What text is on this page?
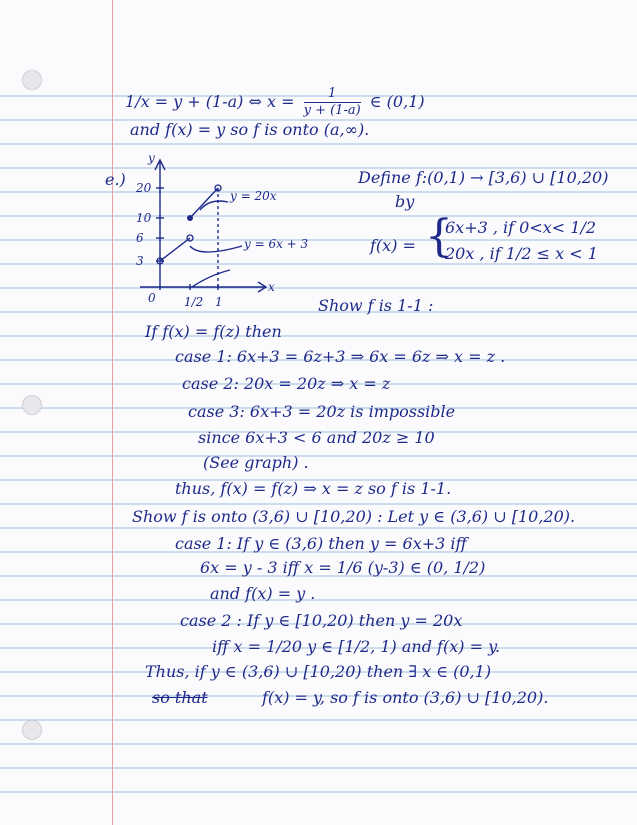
1/x = y + (1-a) ⇔ $x = \frac{1}{y + (1-a)}$ ∈ (0,1)
and f(x) = y so f is onto (a,∞).
e.)
y
x
20
10
6
3
0 1/2 1
y = 20x
y = 6x + 3
Define f:(0,1) → [3,6) ∪ [10,20)
by
f(x) = {
6x+3 , if 0<x< 1/2
20x , if 1/2 ≤ x < 1
Show f is 1-1 :
If f(x) = f(z) then
case 1: 6x+3 = 6z+3 ⇒ 6x = 6z ⇒ x = z .
case 2: 20x = 20z ⇒ x = z
case 3: 6x+3 = 20z is impossible
since 6x+3 < 6 and 20z ≥ 10
(See graph) .
thus, f(x) = f(z) ⇒ x = z so f is 1-1.
Show f is onto (3,6) ∪ [10,20) : Let y ∈ (3,6) ∪ [10,20).
case 1: If y ∈ (3,6) then y = 6x+3 iff
6x = y - 3 iff x = 1/6 (y-3) ∈ (0, 1/2)
and f(x) = y .
case 2 : If y ∈ [10,20) then y = 20x
iff x = 1/20 y ∈ [1/2, 1) and f(x) = y.
Thus, if y ∈ (3,6) ∪ [10,20) then ∃ x ∈ (0,1)
so that	f(x) = y, so f is onto (3,6) ∪ [10,20).
